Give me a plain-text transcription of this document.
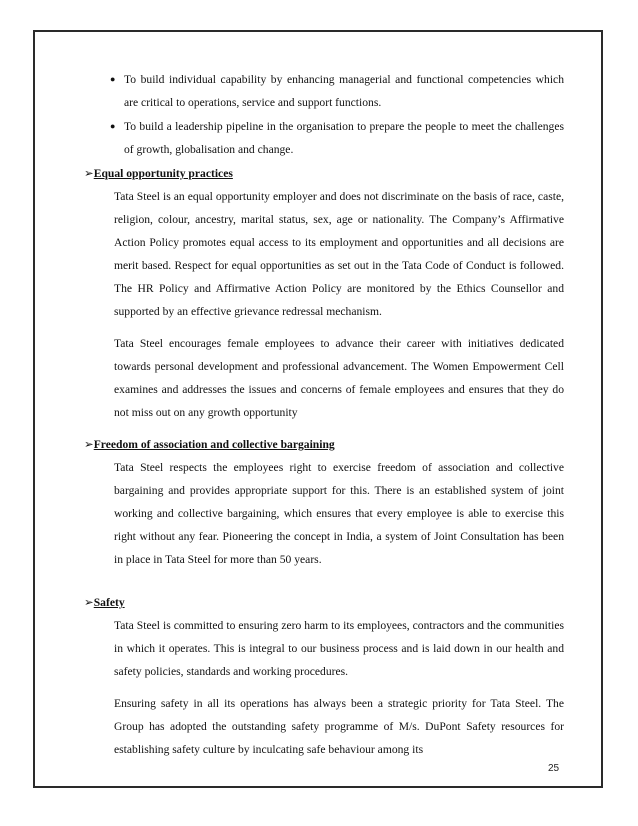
● To build individual capability by enhancing managerial and functional competencies which are critical to operations, service and support functions.
● To build a leadership pipeline in the organisation to prepare the people to meet the challenges of growth, globalisation and change.
➢Equal opportunity practices

Tata Steel is an equal opportunity employer and does not discriminate on the basis of race, caste, religion, colour, ancestry, marital status, sex, age or nationality. The Company’s Affirmative Action Policy promotes equal access to its employment and opportunities and all decisions are merit based. Respect for equal opportunities as set out in the Tata Code of Conduct is followed. The HR Policy and Affirmative Action Policy are monitored by the Ethics Counsellor and supported by an effective grievance redressal mechanism.

Tata Steel encourages female employees to advance their career with initiatives dedicated towards personal development and professional advancement. The Women Empowerment Cell examines and addresses the issues and concerns of female employees and ensures that they do not miss out on any growth opportunity

➢Freedom of association and collective bargaining

Tata Steel respects the employees right to exercise freedom of association and collective bargaining and provides appropriate support for this. There is an established system of joint working and collective bargaining, which ensures that every employee is able to exercise this right without any fear. Pioneering the concept in India, a system of Joint Consultation has been in place in Tata Steel for more than 50 years.

➢Safety

Tata Steel is committed to ensuring zero harm to its employees, contractors and the communities in which it operates. This is integral to our business process and is laid down in our health and safety policies, standards and working procedures.

Ensuring safety in all its operations has always been a strategic priority for Tata Steel. The Group has adopted the outstanding safety programme of M/s. DuPont Safety resources for establishing safety culture by inculcating safe behaviour among its

25
